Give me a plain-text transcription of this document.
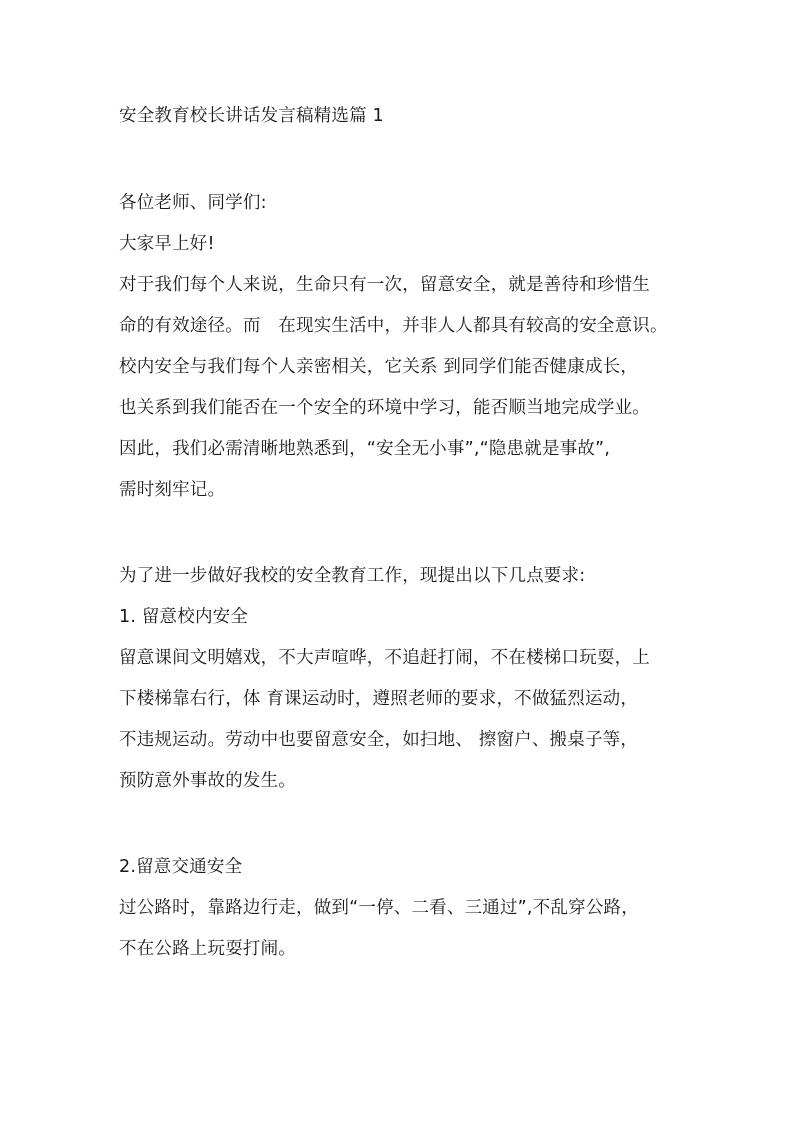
安全教育校长讲话发言稿精选篇 1
各位老师、同学们:
大家早上好!
对于我们每个人来说，生命只有一次，留意安全，就是善待和珍惜生
命的有效途径。而　在现实生活中，并非人人都具有较高的安全意识。
校内安全与我们每个人亲密相关，它关系 到同学们能否健康成长，
也关系到我们能否在一个安全的环境中学习，能否顺当地完成学业。
因此，我们必需清晰地熟悉到，“安全无小事”,“隐患就是事故”,
需时刻牢记。
为了进一步做好我校的安全教育工作，现提出以下几点要求:
1. 留意校内安全
留意课间文明嬉戏，不大声喧哗，不追赶打闹，不在楼梯口玩耍，上
下楼梯靠右行，体 育课运动时，遵照老师的要求，不做猛烈运动，
不违规运动。劳动中也要留意安全，如扫地、 擦窗户、搬桌子等，
预防意外事故的发生。
2.留意交通安全
过公路时，靠路边行走，做到“一停、二看、三通过”,不乱穿公路，
不在公路上玩耍打闹。
